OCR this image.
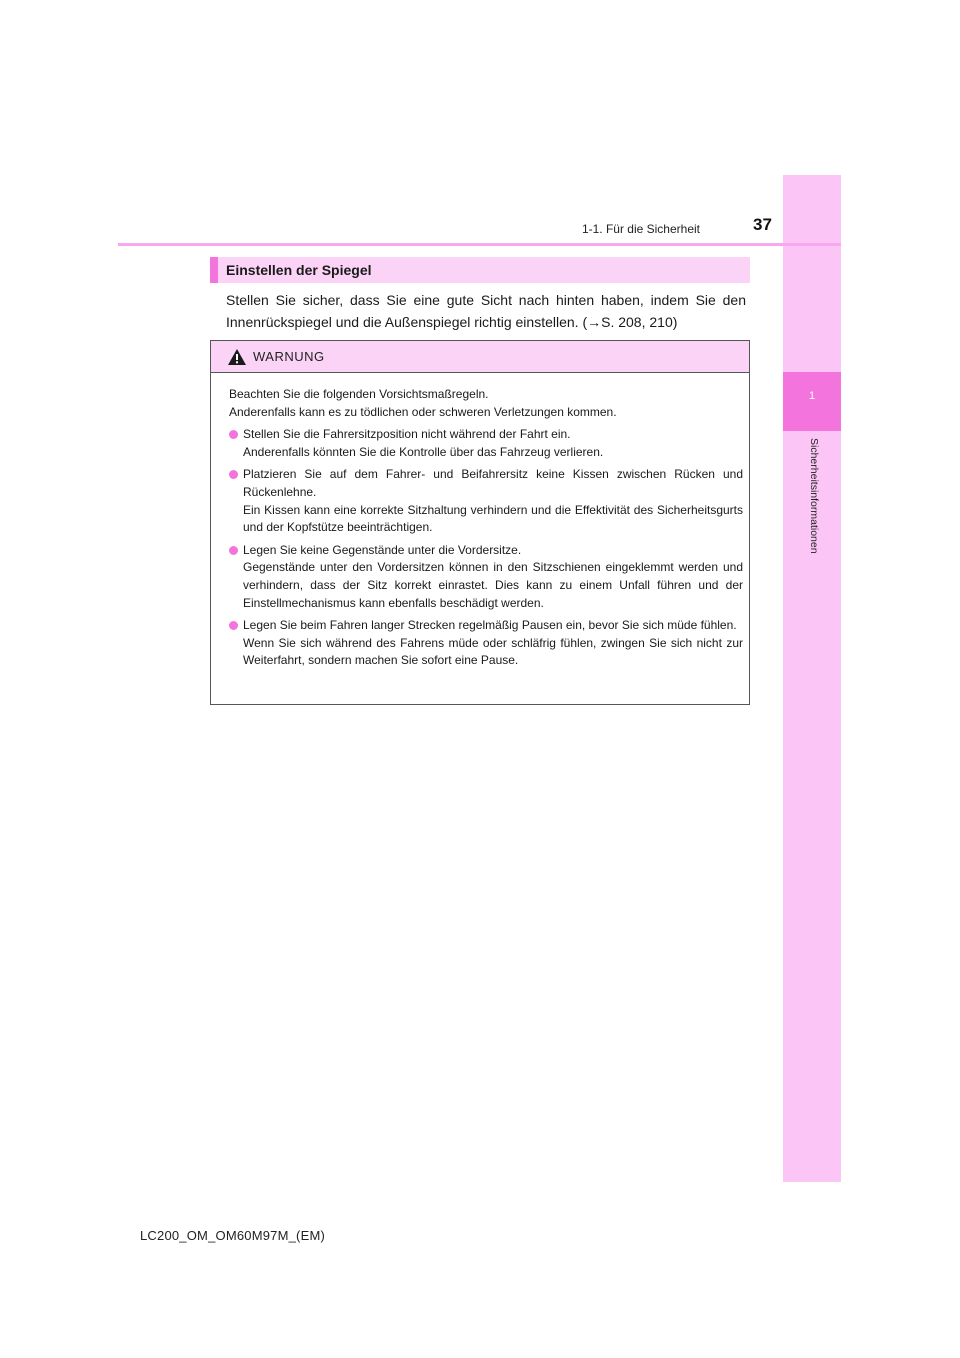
1
Sicherheitsinformationen
1-1. Für die Sicherheit	37
Einstellen der Spiegel
Stellen Sie sicher, dass Sie eine gute Sicht nach hinten haben, indem Sie den Innenrückspiegel und die Außenspiegel richtig einstellen. (→S. 208, 210)
WARNUNG

Beachten Sie die folgenden Vorsichtsmaßregeln.

Anderenfalls kann es zu tödlichen oder schweren Verletzungen kommen.

Stellen Sie die Fahrersitzposition nicht während der Fahrt ein.
Anderenfalls könnten Sie die Kontrolle über das Fahrzeug verlieren.
Platzieren Sie auf dem Fahrer- und Beifahrersitz keine Kissen zwischen Rücken und Rückenlehne.
Ein Kissen kann eine korrekte Sitzhaltung verhindern und die Effektivität des Sicherheitsgurts und der Kopfstütze beeinträchtigen.
Legen Sie keine Gegenstände unter die Vordersitze.
Gegenstände unter den Vordersitzen können in den Sitzschienen eingeklemmt werden und verhindern, dass der Sitz korrekt einrastet. Dies kann zu einem Unfall führen und der Einstellmechanismus kann ebenfalls beschädigt werden.
Legen Sie beim Fahren langer Strecken regelmäßig Pausen ein, bevor Sie sich müde fühlen.
Wenn Sie sich während des Fahrens müde oder schläfrig fühlen, zwingen Sie sich nicht zur Weiterfahrt, sondern machen Sie sofort eine Pause.
LC200_OM_OM60M97M_(EM)
